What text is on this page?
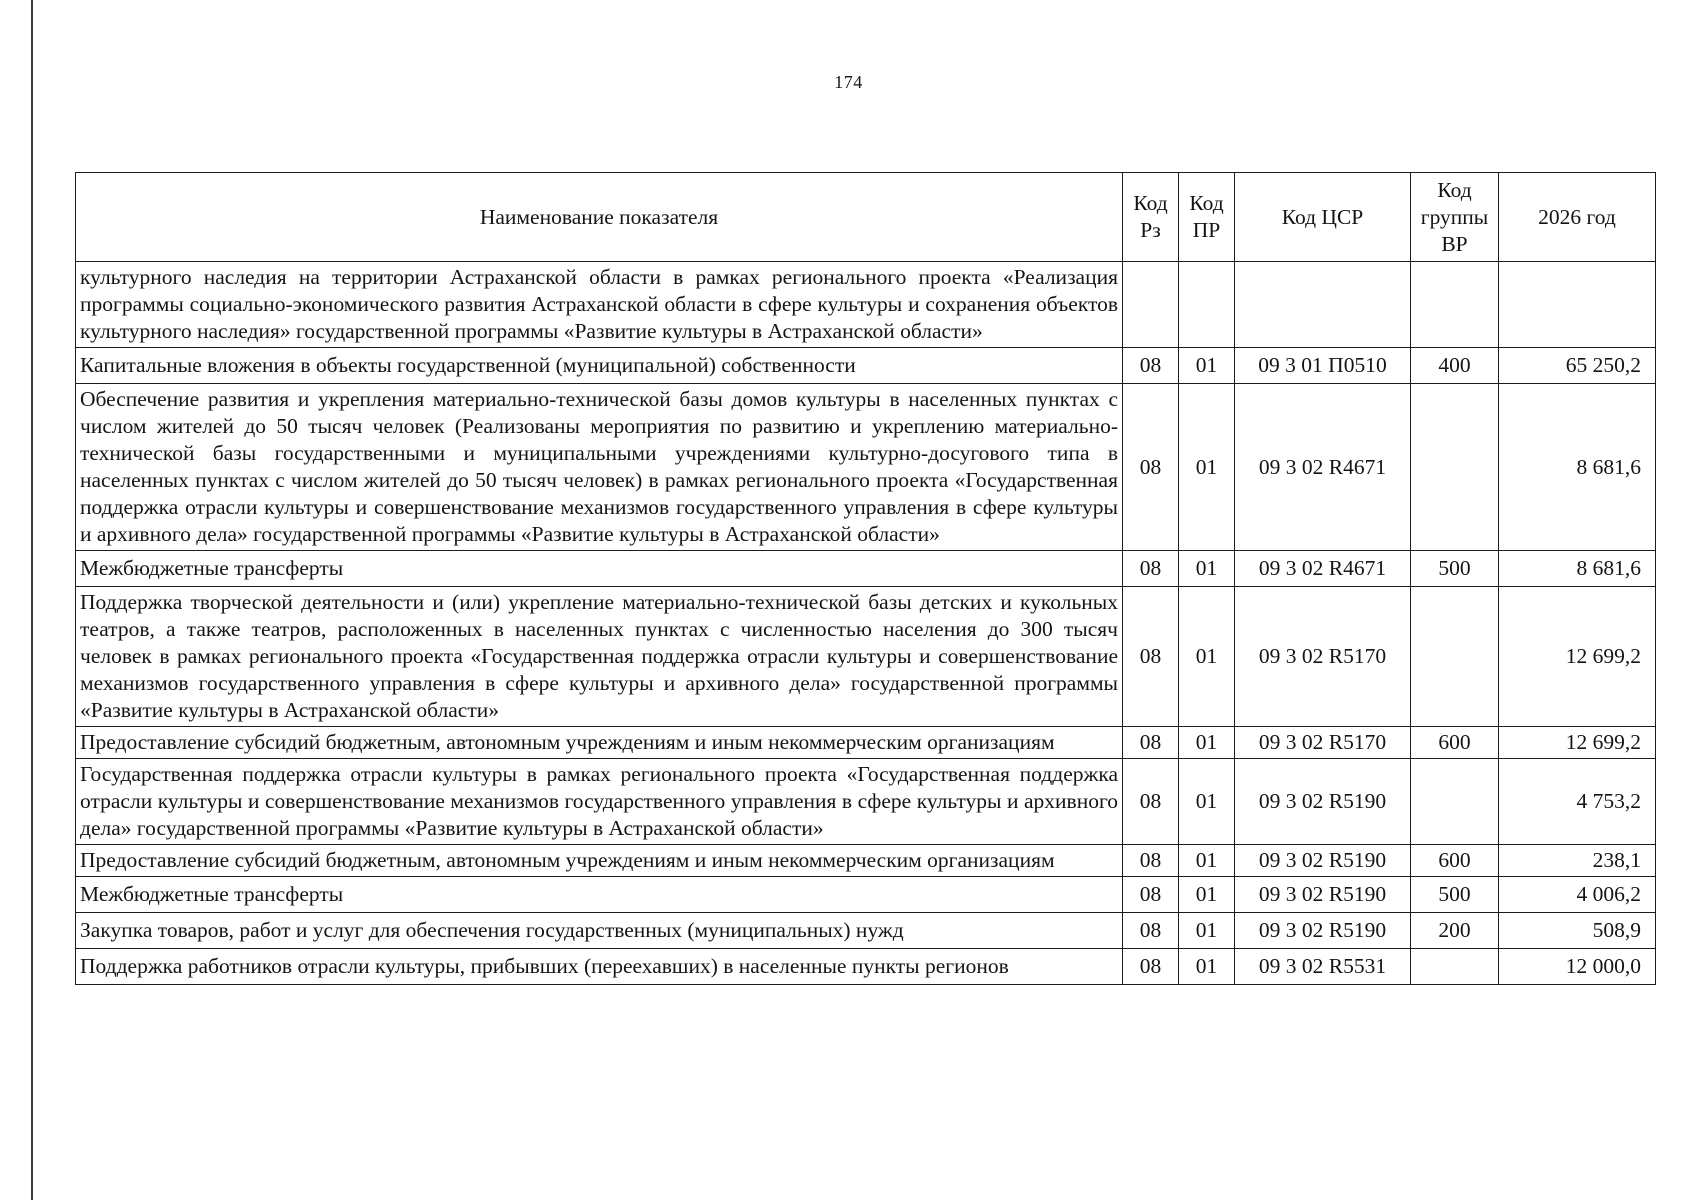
174
Наименование показателя	Код Рз	Код ПР	Код ЦСР	Код группы ВР	2026 год
культурного наследия на территории Астраханской области в рамках регионального проекта «Реализация программы социально-экономического развития Астраханской области в сфере культуры и сохранения объектов культурного наследия» государственной программы «Развитие культуры в Астраханской области»					
Капитальные вложения в объекты государственной (муниципальной) собственности	08	01	09 3 01 П0510	400	65 250,2
Обеспечение развития и укрепления материально-технической базы домов культуры в населенных пунктах с числом жителей до 50 тысяч человек (Реализованы мероприятия по развитию и укреплению материально-технической базы государственными и муниципальными учреждениями культурно-досугового типа в населенных пунктах с числом жителей до 50 тысяч человек) в рамках регионального проекта «Государственная поддержка отрасли культуры и совершенствование механизмов государственного управления в сфере культуры и архивного дела» государственной программы «Развитие культуры в Астраханской области»	08	01	09 3 02 R4671		8 681,6
Межбюджетные трансферты	08	01	09 3 02 R4671	500	8 681,6
Поддержка творческой деятельности и (или) укрепление материально-технической базы детских и кукольных театров, а также театров, расположенных в населенных пунктах с численностью населения до 300 тысяч человек в рамках регионального проекта «Государственная поддержка отрасли культуры и совершенствование механизмов государственного управления в сфере культуры и архивного дела» государственной программы «Развитие культуры в Астраханской области»	08	01	09 3 02 R5170		12 699,2
Предоставление субсидий бюджетным, автономным учреждениям и иным некоммерческим организациям	08	01	09 3 02 R5170	600	12 699,2
Государственная поддержка отрасли культуры в рамках регионального проекта «Государственная поддержка отрасли культуры и совершенствование механизмов государственного управления в сфере культуры и архивного дела» государственной программы «Развитие культуры в Астраханской области»	08	01	09 3 02 R5190		4 753,2
Предоставление субсидий бюджетным, автономным учреждениям и иным некоммерческим организациям	08	01	09 3 02 R5190	600	238,1
Межбюджетные трансферты	08	01	09 3 02 R5190	500	4 006,2
Закупка товаров, работ и услуг для обеспечения государственных (муниципальных) нужд	08	01	09 3 02 R5190	200	508,9
Поддержка работников отрасли культуры, прибывших (переехавших) в населенные пункты регионов	08	01	09 3 02 R5531		12 000,0
